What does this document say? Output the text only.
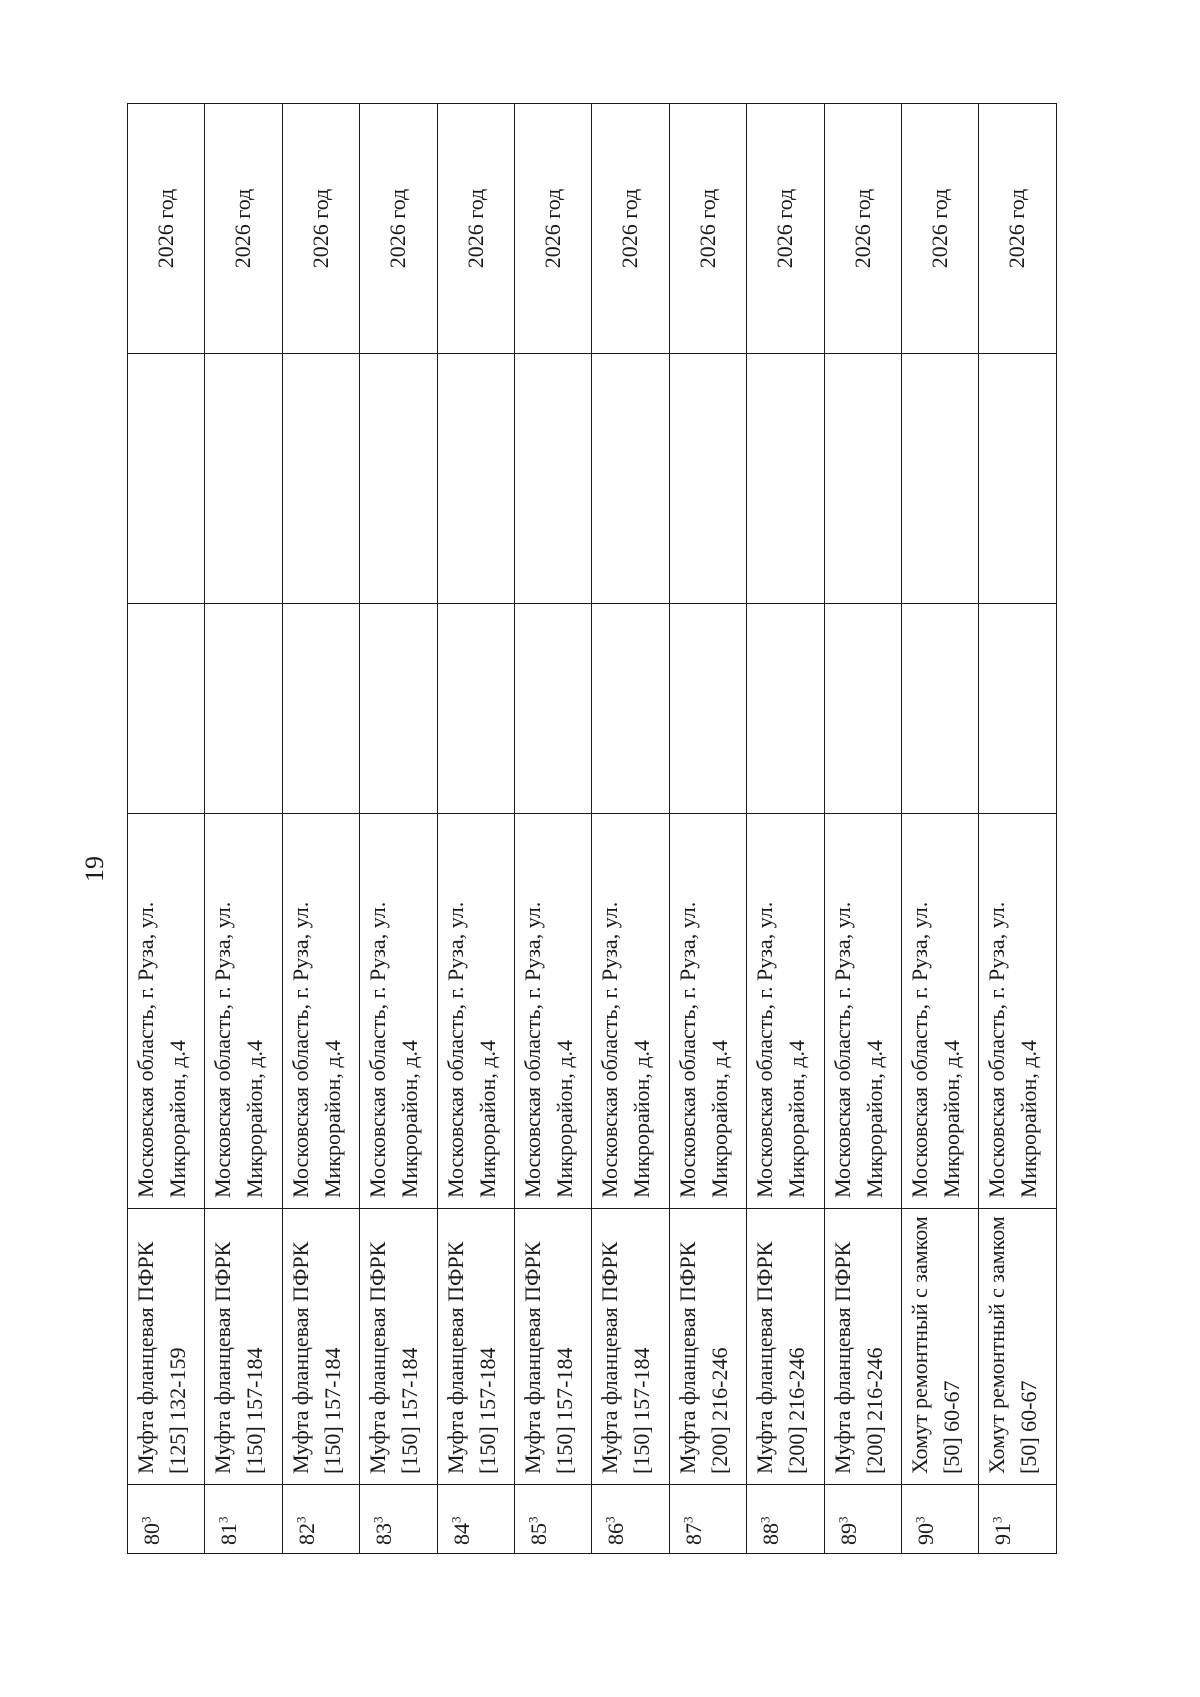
19
$80^3$	Муфта фланцевая ПФРК [125] 132-159	Московская область, г. Руза, ул. Микрорайон, д.4			2026 год
$81^3$	Муфта фланцевая ПФРК [150] 157-184	Московская область, г. Руза, ул. Микрорайон, д.4			2026 год
$82^3$	Муфта фланцевая ПФРК [150] 157-184	Московская область, г. Руза, ул. Микрорайон, д.4			2026 год
$83^3$	Муфта фланцевая ПФРК [150] 157-184	Московская область, г. Руза, ул. Микрорайон, д.4			2026 год
$84^3$	Муфта фланцевая ПФРК [150] 157-184	Московская область, г. Руза, ул. Микрорайон, д.4			2026 год
$85^3$	Муфта фланцевая ПФРК [150] 157-184	Московская область, г. Руза, ул. Микрорайон, д.4			2026 год
$86^3$	Муфта фланцевая ПФРК [150] 157-184	Московская область, г. Руза, ул. Микрорайон, д.4			2026 год
$87^3$	Муфта фланцевая ПФРК [200] 216-246	Московская область, г. Руза, ул. Микрорайон, д.4			2026 год
$88^3$	Муфта фланцевая ПФРК [200] 216-246	Московская область, г. Руза, ул. Микрорайон, д.4			2026 год
$89^3$	Муфта фланцевая ПФРК [200] 216-246	Московская область, г. Руза, ул. Микрорайон, д.4			2026 год
$90^3$	Хомут ремонтный с замком [50] 60-67	Московская область, г. Руза, ул. Микрорайон, д.4			2026 год
$91^3$	Хомут ремонтный с замком [50] 60-67	Московская область, г. Руза, ул. Микрорайон, д.4			2026 год
